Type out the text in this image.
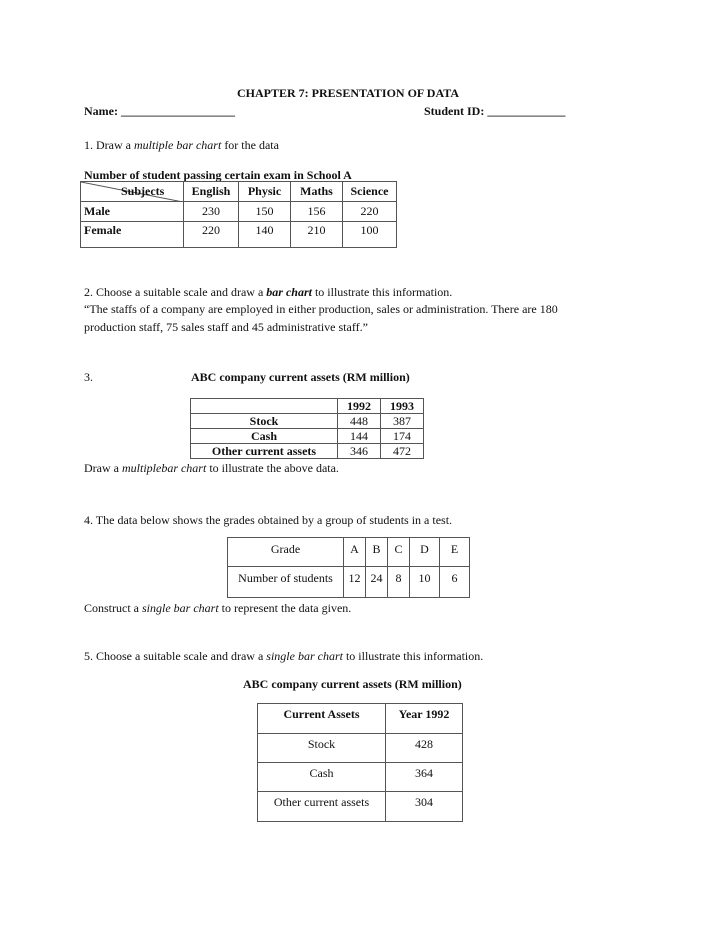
CHAPTER 7: PRESENTATION OF DATA
Name: ___________________	Student ID: _____________
1. Draw a multiple bar chart for the data
Number of student passing certain exam in School A
Subjects	English	Physic	Maths	Science
Male	230	150	156	220
Female	220	140	210	100
2. Choose a suitable scale and draw a bar chart to illustrate this information.
“The staffs of a company are employed in either production, sales or administration. There are 180
production staff, 75 sales staff and 45 administrative staff.”
3.	ABC company current assets (RM million)
	1992	1993
Stock	448	387
Cash	144	174
Other current assets	346	472
Draw a multiplebar chart to illustrate the above data.
4. The data below shows the grades obtained by a group of students in a test.
Grade	A	B	C	D	E
Number of students	12	24	8	10	6
Construct a single bar chart to represent the data given.
5. Choose a suitable scale and draw a single bar chart to illustrate this information.
ABC company current assets (RM million)
Current Assets	Year 1992
Stock	428
Cash	364
Other current assets	304
